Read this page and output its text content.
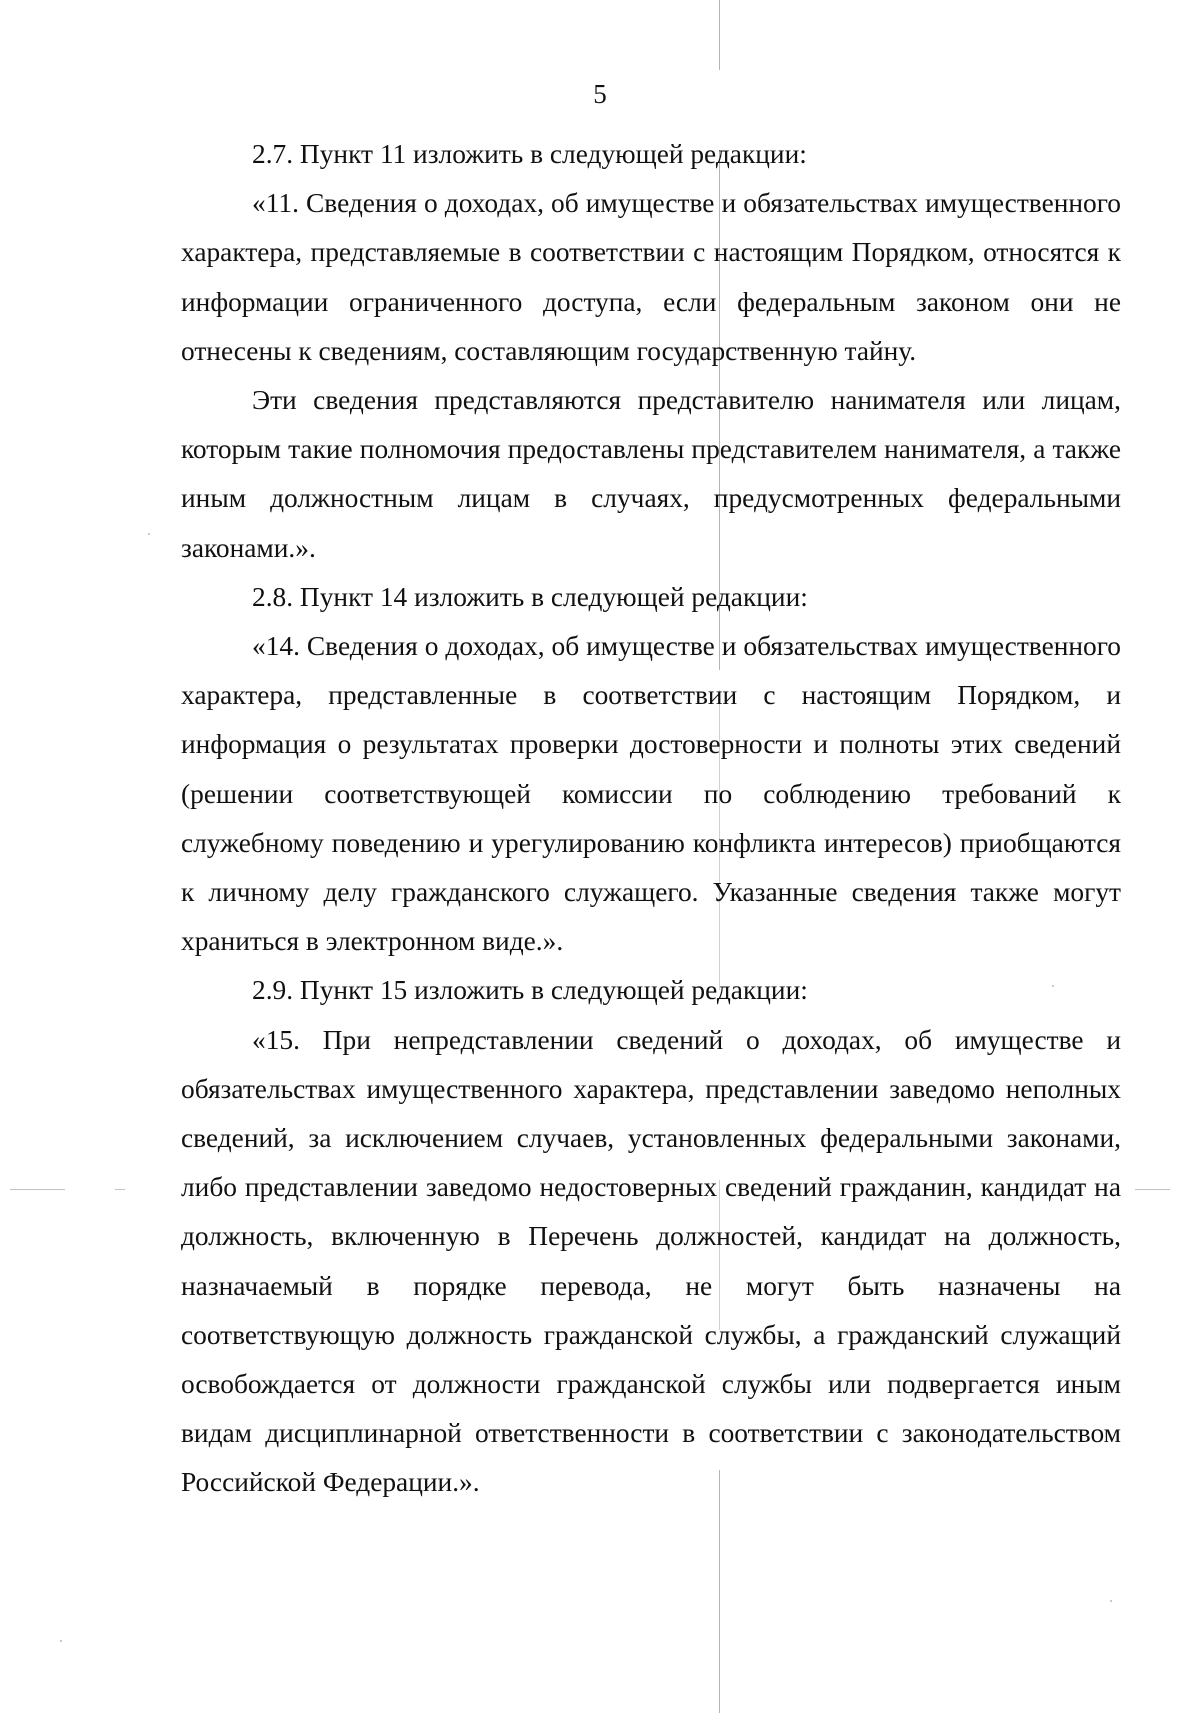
5

2.7. Пункт 11 изложить в следующей редакции:

«11. Сведения о доходах, об имуществе и обязательствах имущественного характера, представляемые в соответствии с настоящим Порядком, относятся к информации ограниченного доступа, если федеральным законом они не отнесены к сведениям, составляющим государственную тайну.

Эти сведения представляются представителю нанимателя или лицам, которым такие полномочия предоставлены представителем нанимателя, а также иным должностным лицам в случаях, предусмотренных федеральными законами.».

2.8. Пункт 14 изложить в следующей редакции:

«14. Сведения о доходах, об имуществе и обязательствах имущественного характера, представленные в соответствии с настоящим Порядком, и информация о результатах проверки достоверности и полноты этих сведений (решении соответствующей комиссии по соблюдению требований к служебному поведению и урегулированию конфликта интересов) приобщаются к личному делу гражданского служащего. Указанные сведения также могут храниться в электронном виде.».

2.9. Пункт 15 изложить в следующей редакции:

«15. При непредставлении сведений о доходах, об имуществе и обязательствах имущественного характера, представлении заведомо неполных сведений, за исключением случаев, установленных федеральными законами, либо представлении заведомо недостоверных сведений гражданин, кандидат на должность, включенную в Перечень должностей, кандидат на должность, назначаемый в порядке перевода, не могут быть назначены на соответствующую должность гражданской службы, а гражданский служащий освобождается от должности гражданской службы или подвергается иным видам дисциплинарной ответственности в соответствии с законодательством Российской Федерации.».
